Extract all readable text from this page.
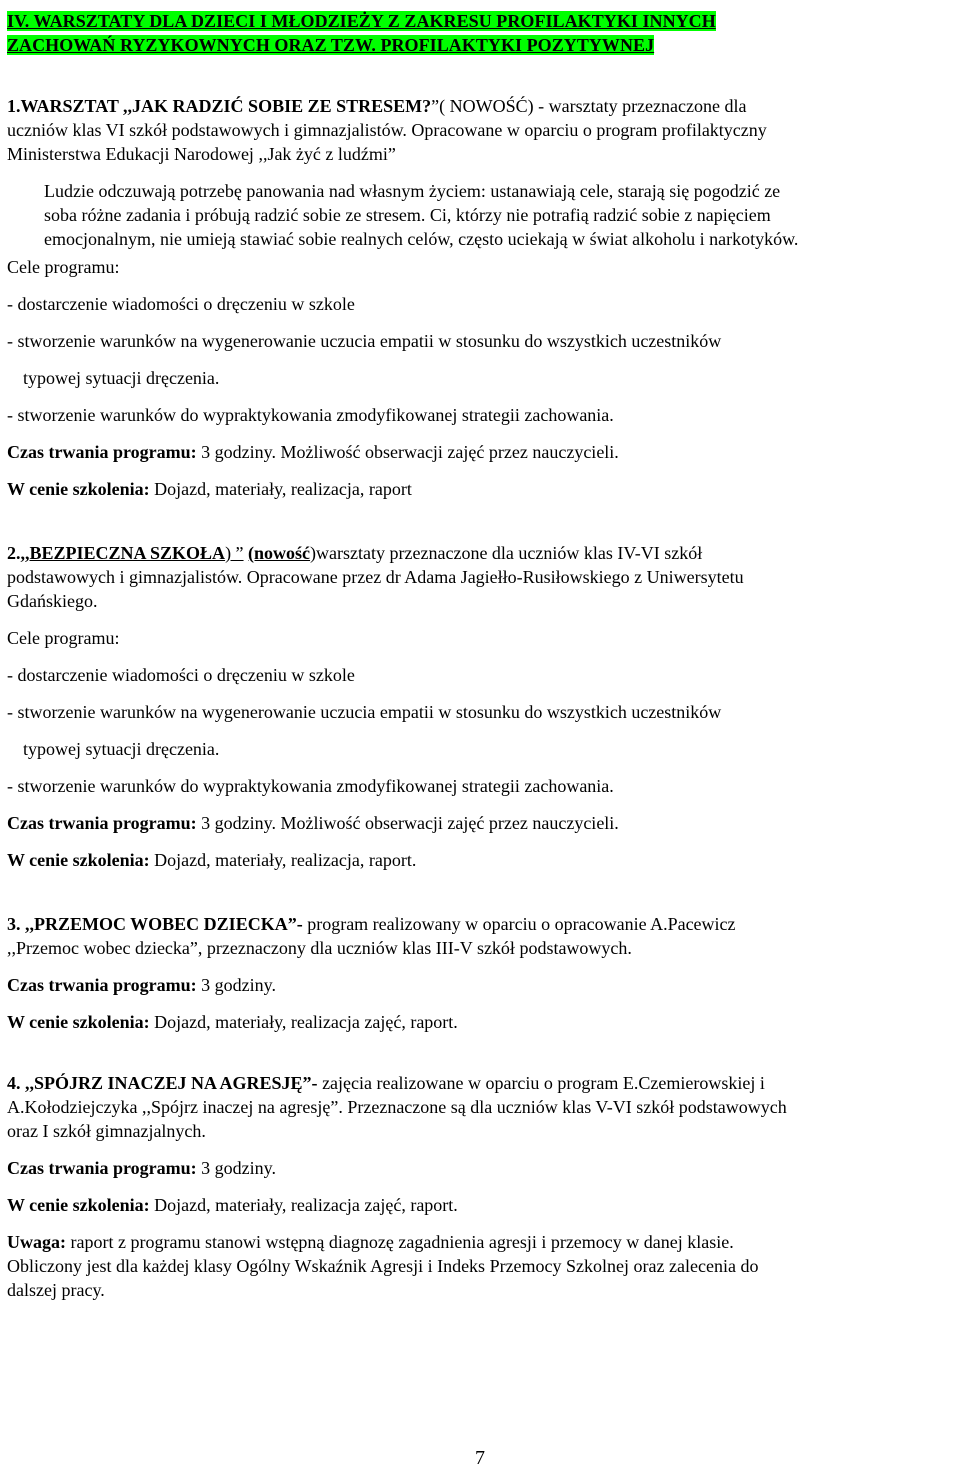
IV. WARSZTATY DLA DZIECI I MŁODZIEŻY Z ZAKRESU PROFILAKTYKI INNYCH
ZACHOWAŃ RYZYKOWNYCH ORAZ TZW. PROFILAKTYKI POZYTYWNEJ

1.WARSZTAT ,,JAK RADZIĆ SOBIE ZE STRESEM?”( NOWOŚĆ) - warsztaty przeznaczone dla

uczniów klas VI szkół podstawowych i gimnazjalistów. Opracowane w oparciu o program profilaktyczny

Ministerstwa Edukacji Narodowej ,,Jak żyć z ludźmi”

Ludzie odczuwają potrzebę panowania nad własnym życiem: ustanawiają cele, starają się pogodzić ze

soba różne zadania i próbują radzić sobie ze stresem. Ci, którzy nie potrafią radzić sobie z napięciem

emocjonalnym, nie umieją stawiać sobie realnych celów, często uciekają w świat alkoholu i narkotyków.

Cele programu:

- dostarczenie wiadomości o dręczeniu w szkole

- stworzenie warunków na wygenerowanie uczucia empatii w stosunku do wszystkich uczestników

typowej sytuacji dręczenia.

- stworzenie warunków do wypraktykowania zmodyfikowanej strategii zachowania.

Czas trwania programu: 3 godziny. Możliwość obserwacji zajęć przez nauczycieli.

W cenie szkolenia: Dojazd, materiały, realizacja, raport

2.,,BEZPIECZNA SZKOŁA) ” (nowość)warsztaty przeznaczone dla uczniów klas IV-VI szkół

podstawowych i gimnazjalistów. Opracowane przez dr Adama Jagiełło-Rusiłowskiego z Uniwersytetu

Gdańskiego.

Cele programu:

- dostarczenie wiadomości o dręczeniu w szkole

- stworzenie warunków na wygenerowanie uczucia empatii w stosunku do wszystkich uczestników

typowej sytuacji dręczenia.

- stworzenie warunków do wypraktykowania zmodyfikowanej strategii zachowania.

Czas trwania programu: 3 godziny. Możliwość obserwacji zajęć przez nauczycieli.

W cenie szkolenia: Dojazd, materiały, realizacja, raport.

3. ,,PRZEMOC WOBEC DZIECKA”- program realizowany w oparciu o opracowanie A.Pacewicz

,,Przemoc wobec dziecka”, przeznaczony dla uczniów klas III-V szkół podstawowych.

Czas trwania programu: 3 godziny.

W cenie szkolenia: Dojazd, materiały, realizacja zajęć, raport.

4. ,,SPÓJRZ INACZEJ NA AGRESJĘ”- zajęcia realizowane w oparciu o program E.Czemierowskiej i

A.Kołodziejczyka ,,Spójrz inaczej na agresję”. Przeznaczone są dla uczniów klas V-VI szkół podstawowych

oraz I szkół gimnazjalnych.

Czas trwania programu: 3 godziny.

W cenie szkolenia: Dojazd, materiały, realizacja zajęć, raport.

Uwaga: raport z programu stanowi wstępną diagnozę zagadnienia agresji i przemocy w danej klasie.

Obliczony jest dla każdej klasy Ogólny Wskaźnik Agresji i Indeks Przemocy Szkolnej oraz zalecenia do

dalszej pracy.

7
